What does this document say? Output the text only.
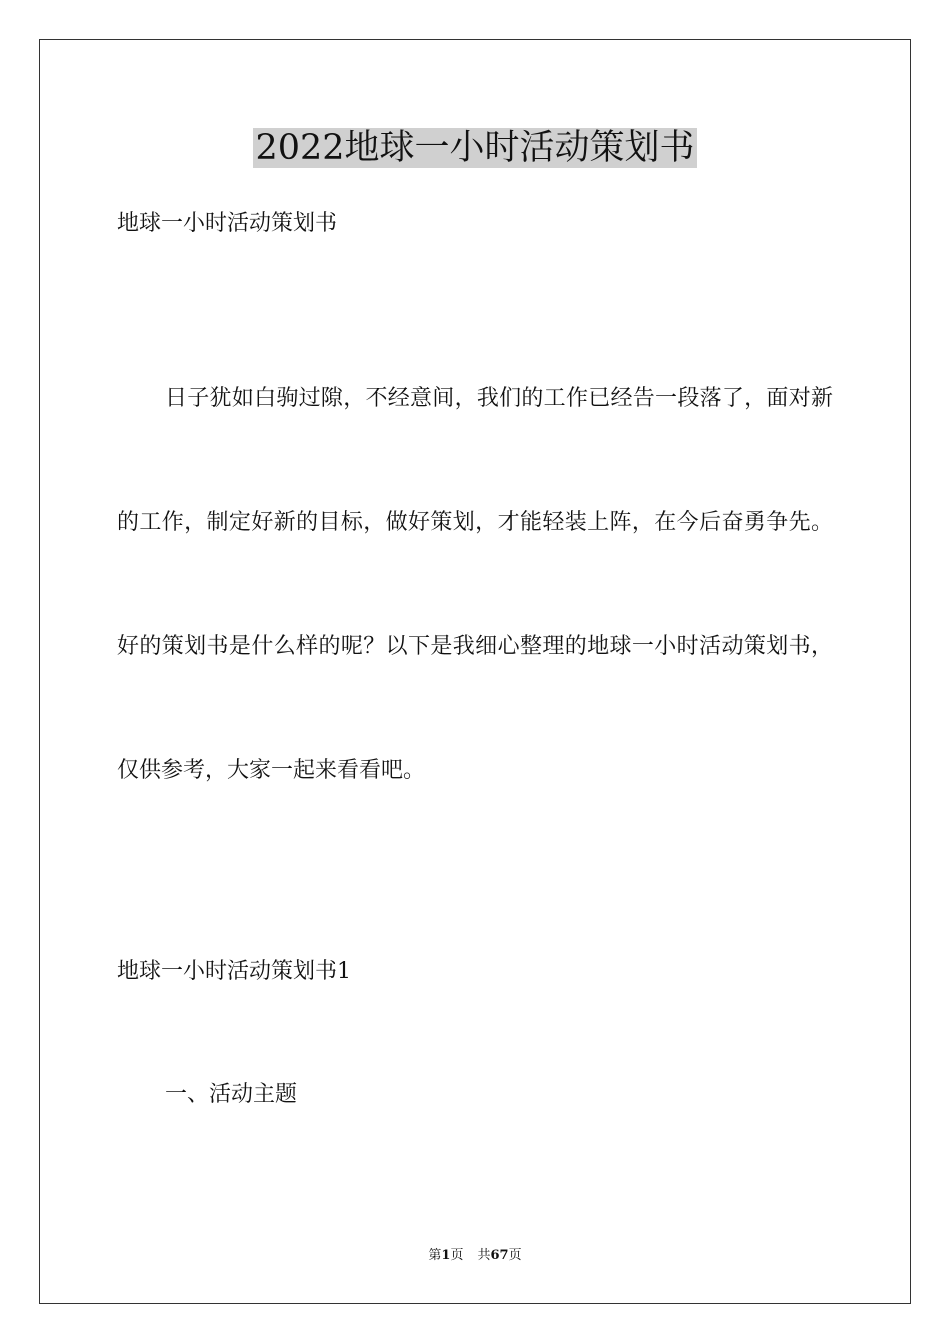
2022地球一小时活动策划书

地球一小时活动策划书

日子犹如白驹过隙，不经意间，我们的工作已经告一段落了，面对新的工作，制定好新的目标，做好策划，才能轻装上阵，在今后奋勇争先。好的策划书是什么样的呢？以下是我细心整理的地球一小时活动策划书，仅供参考，大家一起来看看吧。

地球一小时活动策划书1

一、活动主题

第1页 共67页
